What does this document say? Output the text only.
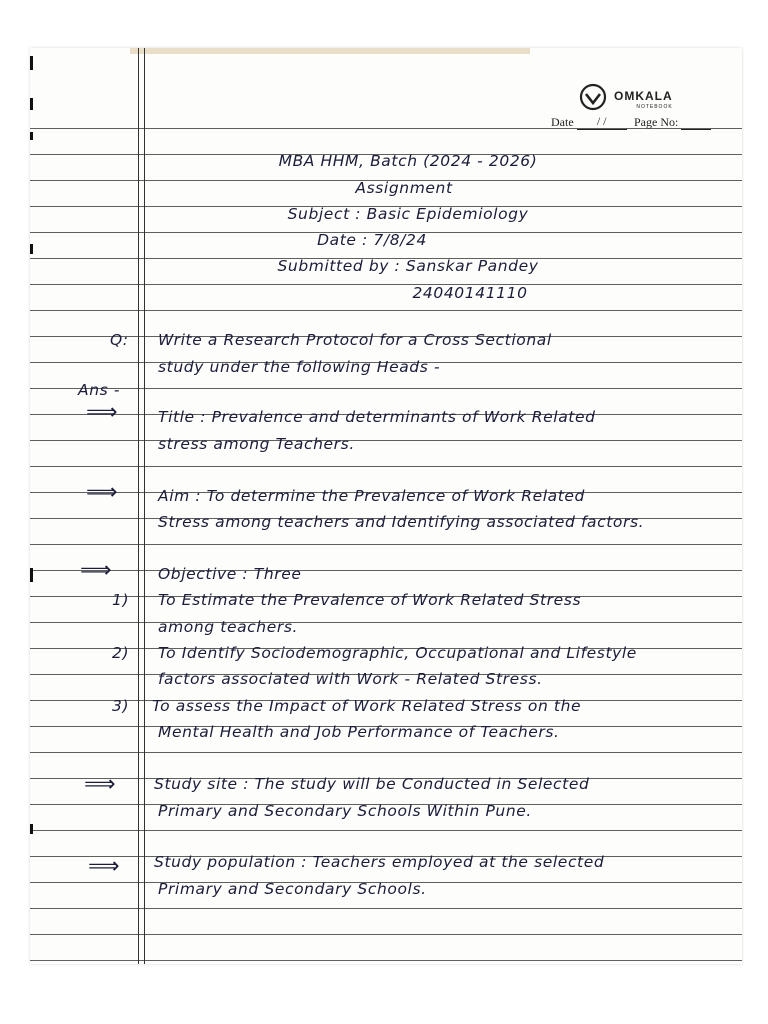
OMKALA
NOTEBOOK
Date / /	Page No:
MBA HHM, Batch (2024 - 2026)
Assignment
Subject : Basic Epidemiology
Date : 7/8/24
Submitted by : Sanskar Pandey
24040141110
Q: Write a Research Protocol for a Cross Sectional
study under the following Heads -
Ans -
⟹	Title : Prevalence and determinants of Work Related
stress among Teachers.
⟹	Aim : To determine the Prevalence of Work Related
Stress among teachers and Identifying associated factors.
⟹	Objective : Three
1) To Estimate the Prevalence of Work Related Stress
among teachers.
2) To Identify Sociodemographic, Occupational and Lifestyle
factors associated with Work - Related Stress.
3) To assess the Impact of Work Related Stress on the
Mental Health and Job Performance of Teachers.
⟹ Study site : The study will be Conducted in Selected
Primary and Secondary Schools Within Pune.
⟹ Study population : Teachers employed at the selected
Primary and Secondary Schools.
